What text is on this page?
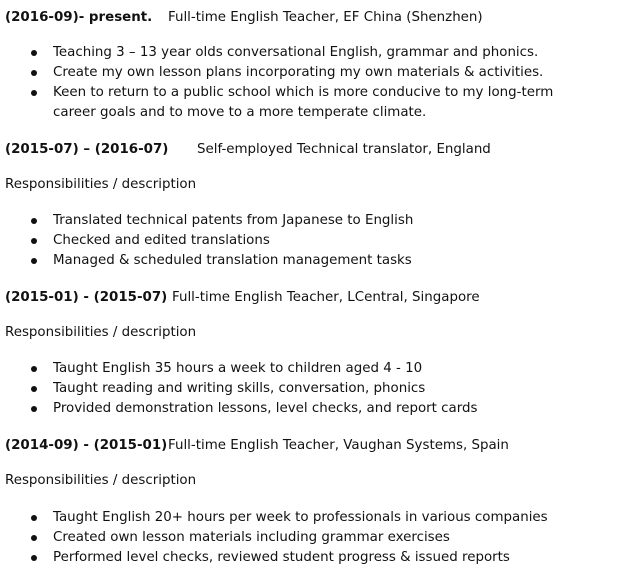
(2016-09)- present. Full-time English Teacher, EF China (Shenzhen)
Teaching 3 – 13 year olds conversational English, grammar and phonics.
Create my own lesson plans incorporating my own materials & activities.
Keen to return to a public school which is more conducive to my long-term career goals and to move to a more temperate climate.
(2015-07) – (2016-07) Self-employed Technical translator, England
Responsibilities / description
Translated technical patents from Japanese to English
Checked and edited translations
Managed & scheduled translation management tasks
(2015-01) - (2015-07) Full-time English Teacher, LCentral, Singapore
Responsibilities / description
Taught English 35 hours a week to children aged 4 - 10
Taught reading and writing skills, conversation, phonics
Provided demonstration lessons, level checks, and report cards
(2014-09) - (2015-01) Full-time English Teacher, Vaughan Systems, Spain
Responsibilities / description
Taught English 20+ hours per week to professionals in various companies
Created own lesson materials including grammar exercises
Performed level checks, reviewed student progress & issued reports
